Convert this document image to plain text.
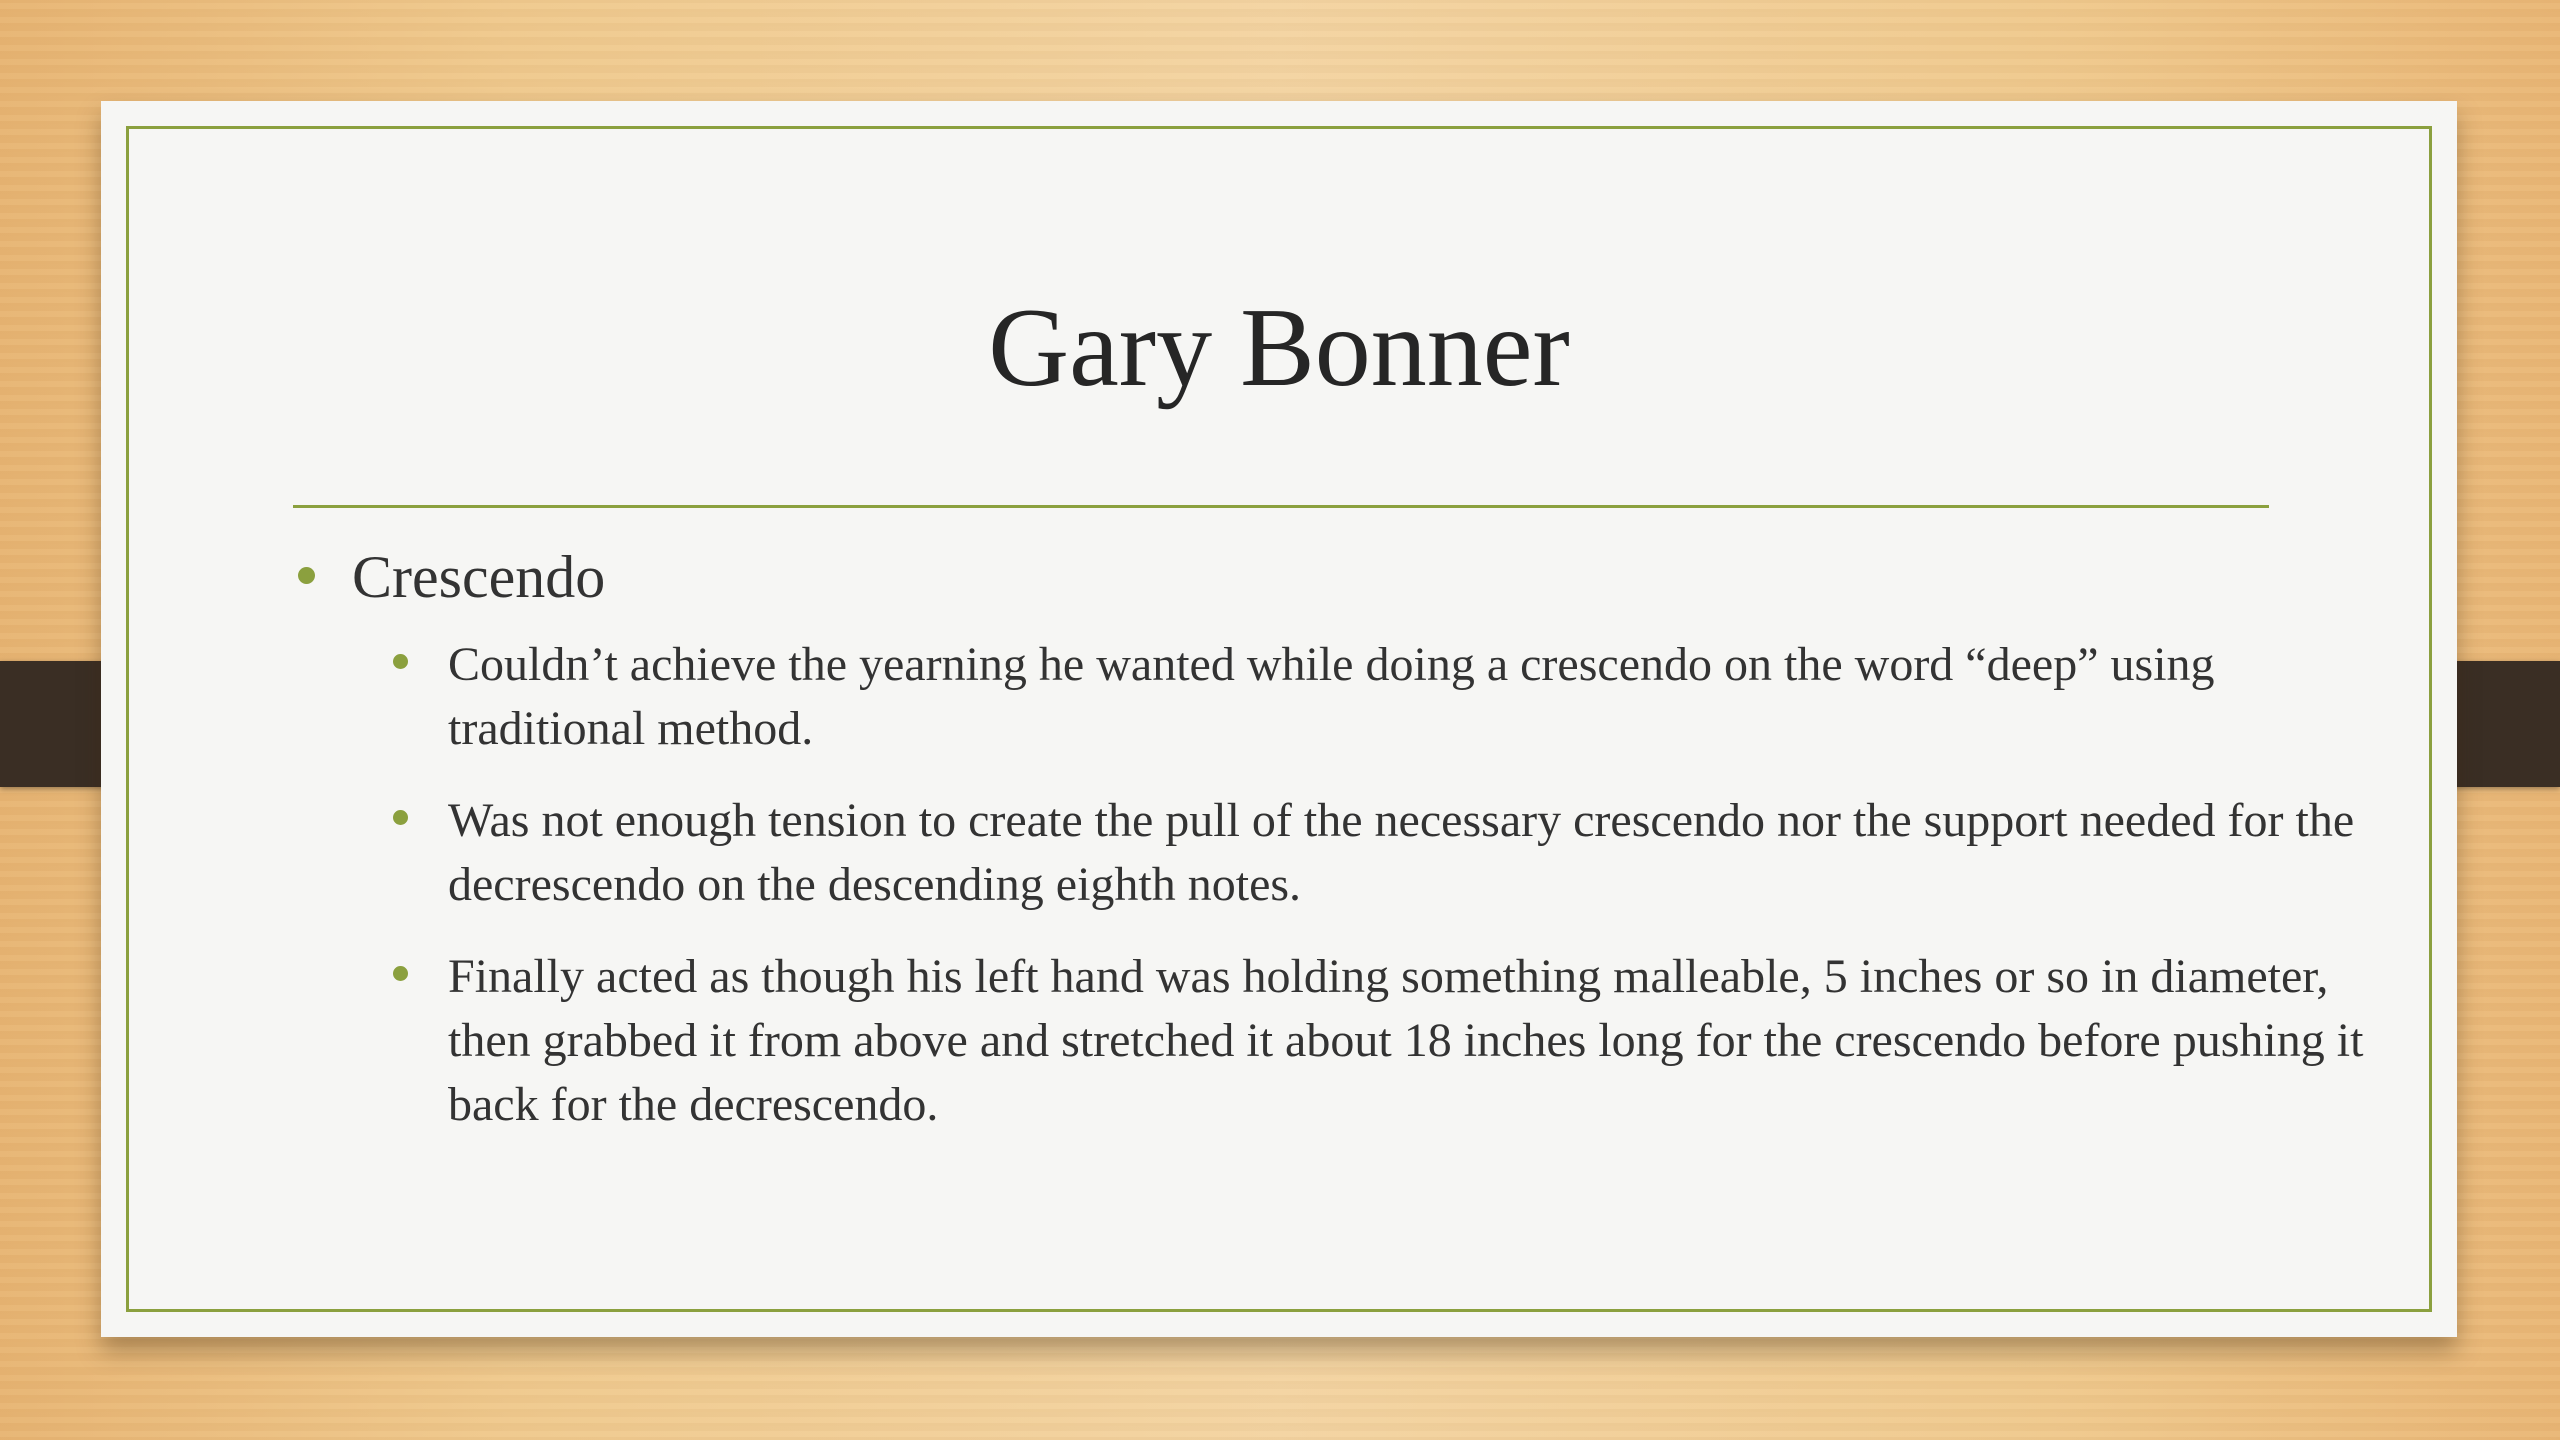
Gary Bonner
Crescendo
Couldn’t achieve the yearning he wanted while doing a crescendo on the word “deep” using traditional method.
Was not enough tension to create the pull of the necessary crescendo nor the support needed for the decrescendo on the descending eighth notes.
Finally acted as though his left hand was holding something malleable, 5 inches or so in diameter, then grabbed it from above and stretched it about 18 inches long for the crescendo before pushing it back for the decrescendo.
